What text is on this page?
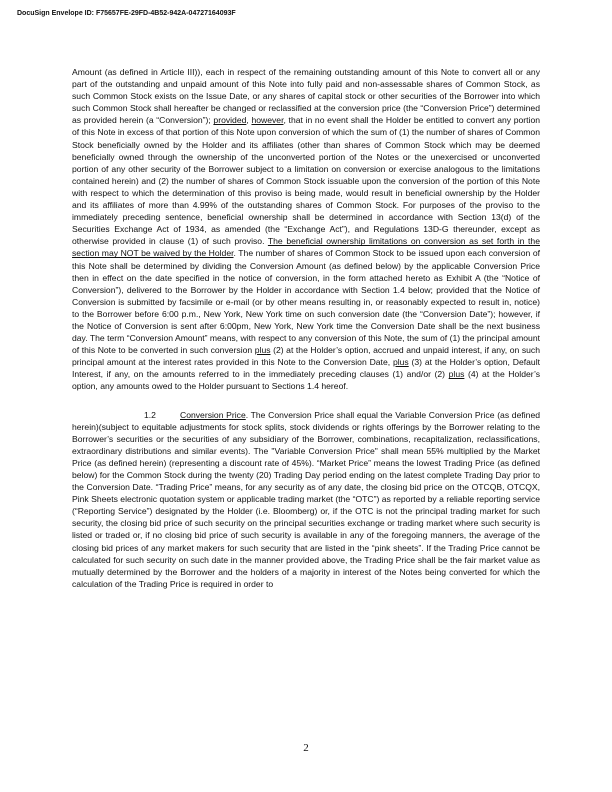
DocuSign Envelope ID: F75657FE-29FD-4B52-942A-04727164093F

Amount (as defined in Article III)), each in respect of the remaining outstanding amount of this Note to convert all or any part of the outstanding and unpaid amount of this Note into fully paid and non-assessable shares of Common Stock, as such Common Stock exists on the Issue Date, or any shares of capital stock or other securities of the Borrower into which such Common Stock shall hereafter be changed or reclassified at the conversion price (the “Conversion Price”) determined as provided herein (a “Conversion”); provided, however, that in no event shall the Holder be entitled to convert any portion of this Note in excess of that portion of this Note upon conversion of which the sum of (1) the number of shares of Common Stock beneficially owned by the Holder and its affiliates (other than shares of Common Stock which may be deemed beneficially owned through the ownership of the unconverted portion of the Notes or the unexercised or unconverted portion of any other security of the Borrower subject to a limitation on conversion or exercise analogous to the limitations contained herein) and (2) the number of shares of Common Stock issuable upon the conversion of the portion of this Note with respect to which the determination of this proviso is being made, would result in beneficial ownership by the Holder and its affiliates of more than 4.99% of the outstanding shares of Common Stock. For purposes of the proviso to the immediately preceding sentence, beneficial ownership shall be determined in accordance with Section 13(d) of the Securities Exchange Act of 1934, as amended (the “Exchange Act”), and Regulations 13D-G thereunder, except as otherwise provided in clause (1) of such proviso. The beneficial ownership limitations on conversion as set forth in the section may NOT be waived by the Holder. The number of shares of Common Stock to be issued upon each conversion of this Note shall be determined by dividing the Conversion Amount (as defined below) by the applicable Conversion Price then in effect on the date specified in the notice of conversion, in the form attached hereto as Exhibit A (the “Notice of Conversion”), delivered to the Borrower by the Holder in accordance with Section 1.4 below; provided that the Notice of Conversion is submitted by facsimile or e-mail (or by other means resulting in, or reasonably expected to result in, notice) to the Borrower before 6:00 p.m., New York, New York time on such conversion date (the “Conversion Date”); however, if the Notice of Conversion is sent after 6:00pm, New York, New York time the Conversion Date shall be the next business day. The term “Conversion Amount” means, with respect to any conversion of this Note, the sum of (1) the principal amount of this Note to be converted in such conversion plus (2) at the Holder’s option, accrued and unpaid interest, if any, on such principal amount at the interest rates provided in this Note to the Conversion Date, plus (3) at the Holder’s option, Default Interest, if any, on the amounts referred to in the immediately preceding clauses (1) and/or (2) plus (4) at the Holder’s option, any amounts owed to the Holder pursuant to Sections 1.4 hereof.

1.2	Conversion Price. The Conversion Price shall equal the Variable Conversion Price (as defined herein)(subject to equitable adjustments for stock splits, stock dividends or rights offerings by the Borrower relating to the Borrower’s securities or the securities of any subsidiary of the Borrower, combinations, recapitalization, reclassifications, extraordinary distributions and similar events). The "Variable Conversion Price" shall mean 55% multiplied by the Market Price (as defined herein) (representing a discount rate of 45%). “Market Price” means the lowest Trading Price (as defined below) for the Common Stock during the twenty (20) Trading Day period ending on the latest complete Trading Day prior to the Conversion Date. “Trading Price” means, for any security as of any date, the closing bid price on the OTCQB, OTCQX, Pink Sheets electronic quotation system or applicable trading market (the “OTC”) as reported by a reliable reporting service (“Reporting Service”) designated by the Holder (i.e. Bloomberg) or, if the OTC is not the principal trading market for such security, the closing bid price of such security on the principal securities exchange or trading market where such security is listed or traded or, if no closing bid price of such security is available in any of the foregoing manners, the average of the closing bid prices of any market makers for such security that are listed in the “pink sheets”. If the Trading Price cannot be calculated for such security on such date in the manner provided above, the Trading Price shall be the fair market value as mutually determined by the Borrower and the holders of a majority in interest of the Notes being converted for which the calculation of the Trading Price is required in order to

2
